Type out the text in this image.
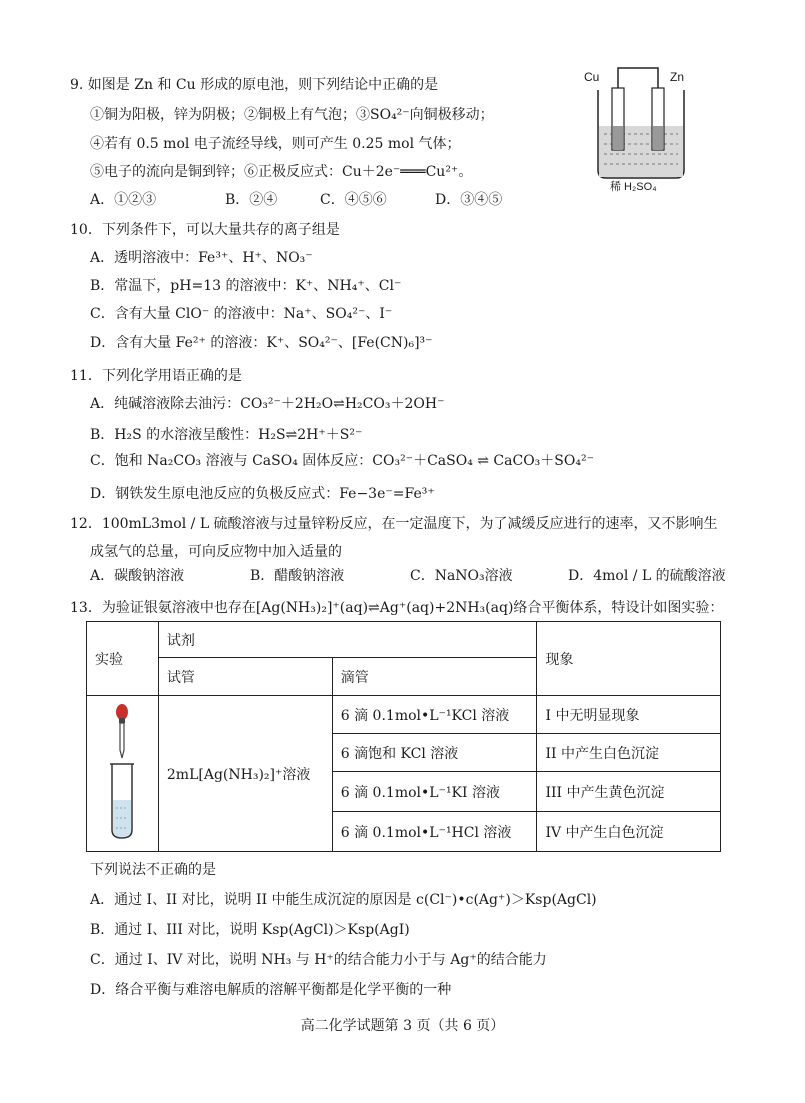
9. 如图是 Zn 和 Cu 形成的原电池，则下列结论中正确的是
①铜为阳极，锌为阴极；②铜极上有气泡；③SO₄²⁻向铜极移动；
④若有 0.5 mol 电子流经导线，则可产生 0.25 mol 气体；
⑤电子的流向是铜到锌；⑥正极反应式：Cu＋2e⁻═══Cu²⁺。
A．①②③	B．②④	C．④⑤⑥	D．③④⑤
Cu	Zn
稀 H₂SO₄
10．下列条件下，可以大量共存的离子组是
A．透明溶液中：Fe³⁺、H⁺、NO₃⁻
B．常温下，pH=13 的溶液中：K⁺、NH₄⁺、Cl⁻
C．含有大量 ClO⁻ 的溶液中：Na⁺、SO₄²⁻、I⁻
D．含有大量 Fe²⁺ 的溶液：K⁺、SO₄²⁻、[Fe(CN)₆]³⁻
11．下列化学用语正确的是
A．纯碱溶液除去油污：CO₃²⁻＋2H₂O⇌H₂CO₃＋2OH⁻
B．H₂S 的水溶液呈酸性：H₂S⇌2H⁺＋S²⁻
C．饱和 Na₂CO₃ 溶液与 CaSO₄ 固体反应：CO₃²⁻＋CaSO₄ ⇌ CaCO₃＋SO₄²⁻
D．钢铁发生原电池反应的负极反应式：Fe−3e⁻=Fe³⁺
12．100mL3mol / L 硫酸溶液与过量锌粉反应，在一定温度下，为了减缓反应进行的速率，又不影响生
成氢气的总量，可向反应物中加入适量的
A．碳酸钠溶液	B．醋酸钠溶液	C．NaNO₃溶液	D．4mol / L 的硫酸溶液
13．为验证银氨溶液中也存在[Ag(NH₃)₂]⁺(aq)⇌Ag⁺(aq)+2NH₃(aq)络合平衡体系，特设计如图实验：
实验	试剂		现象
	试管	滴管	
	2mL[Ag(NH₃)₂]⁺溶液	6 滴 0.1mol•L⁻¹KCl 溶液	I 中无明显现象
		6 滴饱和 KCl 溶液	II 中产生白色沉淀
		6 滴 0.1mol•L⁻¹KI 溶液	III 中产生黄色沉淀
		6 滴 0.1mol•L⁻¹HCl 溶液	IV 中产生白色沉淀
下列说法不正确的是
A．通过 I、II 对比，说明 II 中能生成沉淀的原因是 c(Cl⁻)•c(Ag⁺)＞Ksp(AgCl)
B．通过 I、III 对比，说明 Ksp(AgCl)＞Ksp(AgI)
C．通过 I、IV 对比，说明 NH₃ 与 H⁺的结合能力小于与 Ag⁺的结合能力
D．络合平衡与难溶电解质的溶解平衡都是化学平衡的一种
高二化学试题第 3 页（共 6 页）
